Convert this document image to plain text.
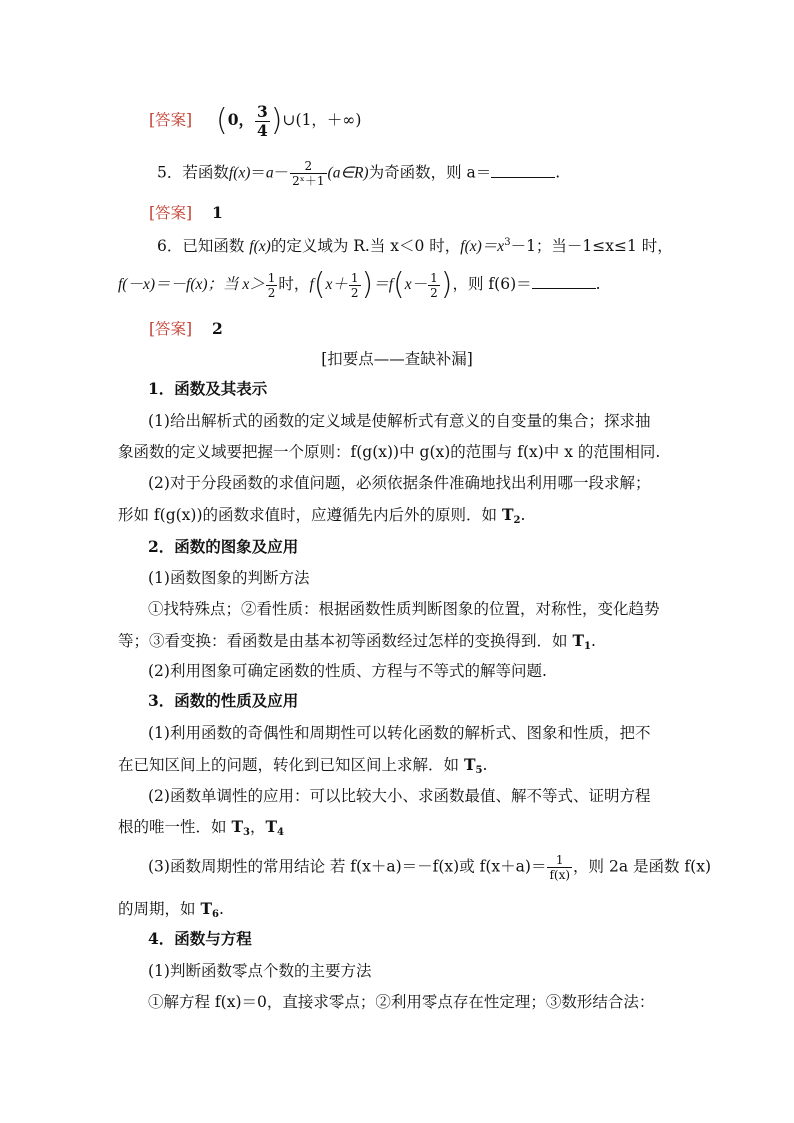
[答案] (0， $\frac{3}{4}$ )∪(1，＋∞)
5．若函数$f(x)=a- \frac{2}{\text{2ˣ＋1}}$ (a∈R)为奇函数，则 a＝	.
[答案] 1
6．已知函数 f(x)的定义域为 R.当 x＜0 时，$f(x)=x^3-1$；当－1≤x≤1 时，
f(－x)＝－f(x)；当 $x> \frac{1}{2}$ 时，$f(x+ \frac{1}{2} )=f(x- \frac{1}{2}$ )，则 f(6)＝	.
[答案] 2
[扣要点——查缺补漏]
1．函数及其表示
(1)给出解析式的函数的定义域是使解析式有意义的自变量的集合；探求抽
象函数的定义域要把握一个原则：f(g(x))中 g(x)的范围与 f(x)中 x 的范围相同.
(2)对于分段函数的求值问题，必须依据条件准确地找出利用哪一段求解；
形如 f(g(x))的函数求值时，应遵循先内后外的原则．如 $T_2$.
2．函数的图象及应用
(1)函数图象的判断方法
①找特殊点；②看性质：根据函数性质判断图象的位置，对称性，变化趋势
等；③看变换：看函数是由基本初等函数经过怎样的变换得到．如 $T_1$.
(2)利用图象可确定函数的性质、方程与不等式的解等问题.
3．函数的性质及应用
(1)利用函数的奇偶性和周期性可以转化函数的解析式、图象和性质，把不
在已知区间上的问题，转化到已知区间上求解．如 $T_5$.
(2)函数单调性的应用：可以比较大小、求函数最值、解不等式、证明方程
根的唯一性．如 $T_3$，$T_4$
(3)函数周期性的常用结论 若 f(x＋a)＝－f(x)或 $f(x+a)= \frac{1}{f(x)}$ ，则 2a 是函数 f(x)
的周期，如 $T_6$.
4．函数与方程
(1)判断函数零点个数的主要方法
①解方程 f(x)＝0，直接求零点；②利用零点存在性定理；③数形结合法：
